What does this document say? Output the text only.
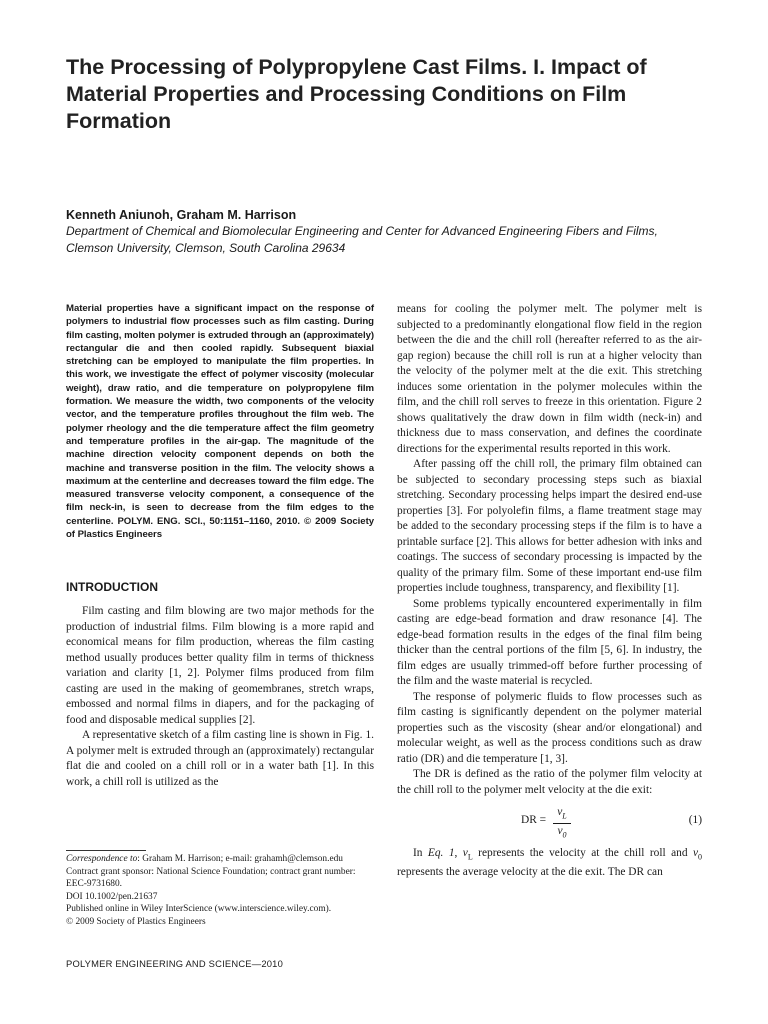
The Processing of Polypropylene Cast Films. I. Impact of Material Properties and Processing Conditions on Film Formation

Kenneth Aniunoh, Graham M. Harrison

Department of Chemical and Biomolecular Engineering and Center for Advanced Engineering Fibers and Films, Clemson University, Clemson, South Carolina 29634

Material properties have a significant impact on the response of polymers to industrial flow processes such as film casting. During film casting, molten polymer is extruded through an (approximately) rectangular die and then cooled rapidly. Subsequent biaxial stretching can be employed to manipulate the film properties. In this work, we investigate the effect of polymer viscosity (molecular weight), draw ratio, and die temperature on polypropylene film formation. We measure the width, two components of the velocity vector, and the temperature profiles throughout the film web. The polymer rheology and the die temperature affect the film geometry and temperature profiles in the air-gap. The magnitude of the machine direction velocity component depends on both the machine and transverse position in the film. The velocity shows a maximum at the centerline and decreases toward the film edge. The measured transverse velocity component, a consequence of the film neck-in, is seen to decrease from the film edges to the centerline. POLYM. ENG. SCI., 50:1151–1160, 2010. © 2009 Society of Plastics Engineers

INTRODUCTION

Film casting and film blowing are two major methods for the production of industrial films. Film blowing is a more rapid and economical means for film production, whereas the film casting method usually produces better quality film in terms of thickness variation and clarity [1, 2]. Polymer films produced from film casting are used in the making of geomembranes, stretch wraps, embossed and normal films in diapers, and for the packaging of food and disposable medical supplies [2].

A representative sketch of a film casting line is shown in Fig. 1. A polymer melt is extruded through an (approximately) rectangular flat die and cooled on a chill roll or in a water bath [1]. In this work, a chill roll is utilized as the

Correspondence to: Graham M. Harrison; e-mail: grahamh@clemson.edu

Contract grant sponsor: National Science Foundation; contract grant number: EEC-9731680.

DOI 10.1002/pen.21637

Published online in Wiley InterScience (www.interscience.wiley.com).

© 2009 Society of Plastics Engineers

means for cooling the polymer melt. The polymer melt is subjected to a predominantly elongational flow field in the region between the die and the chill roll (hereafter referred to as the air-gap region) because the chill roll is run at a higher velocity than the velocity of the polymer melt at the die exit. This stretching induces some orientation in the polymer molecules within the film, and the chill roll serves to freeze in this orientation. Figure 2 shows qualitatively the draw down in film width (neck-in) and thickness due to mass conservation, and defines the coordinate directions for the experimental results reported in this work.

After passing off the chill roll, the primary film obtained can be subjected to secondary processing steps such as biaxial stretching. Secondary processing helps impart the desired end-use properties [3]. For polyolefin films, a flame treatment stage may be added to the secondary processing steps if the film is to have a printable surface [2]. This allows for better adhesion with inks and coatings. The success of secondary processing is impacted by the quality of the primary film. Some of these important end-use film properties include toughness, transparency, and flexibility [1].

Some problems typically encountered experimentally in film casting are edge-bead formation and draw resonance [4]. The edge-bead formation results in the edges of the final film being thicker than the central portions of the film [5, 6]. In industry, the film edges are usually trimmed-off before further processing of the film and the waste material is recycled.

The response of polymeric fluids to flow processes such as film casting is significantly dependent on the polymer material properties such as the viscosity (shear and/or elongational) and molecular weight, as well as the process conditions such as draw ratio (DR) and die temperature [1, 3].

The DR is defined as the ratio of the polymer film velocity at the chill roll to the polymer melt velocity at the die exit:

DR = $\frac{v_L}{v_0}$	(1)

In Eq. 1, $v_L$ represents the velocity at the chill roll and $v_0$ represents the average velocity at the die exit. The DR can

POLYMER ENGINEERING AND SCIENCE—2010
